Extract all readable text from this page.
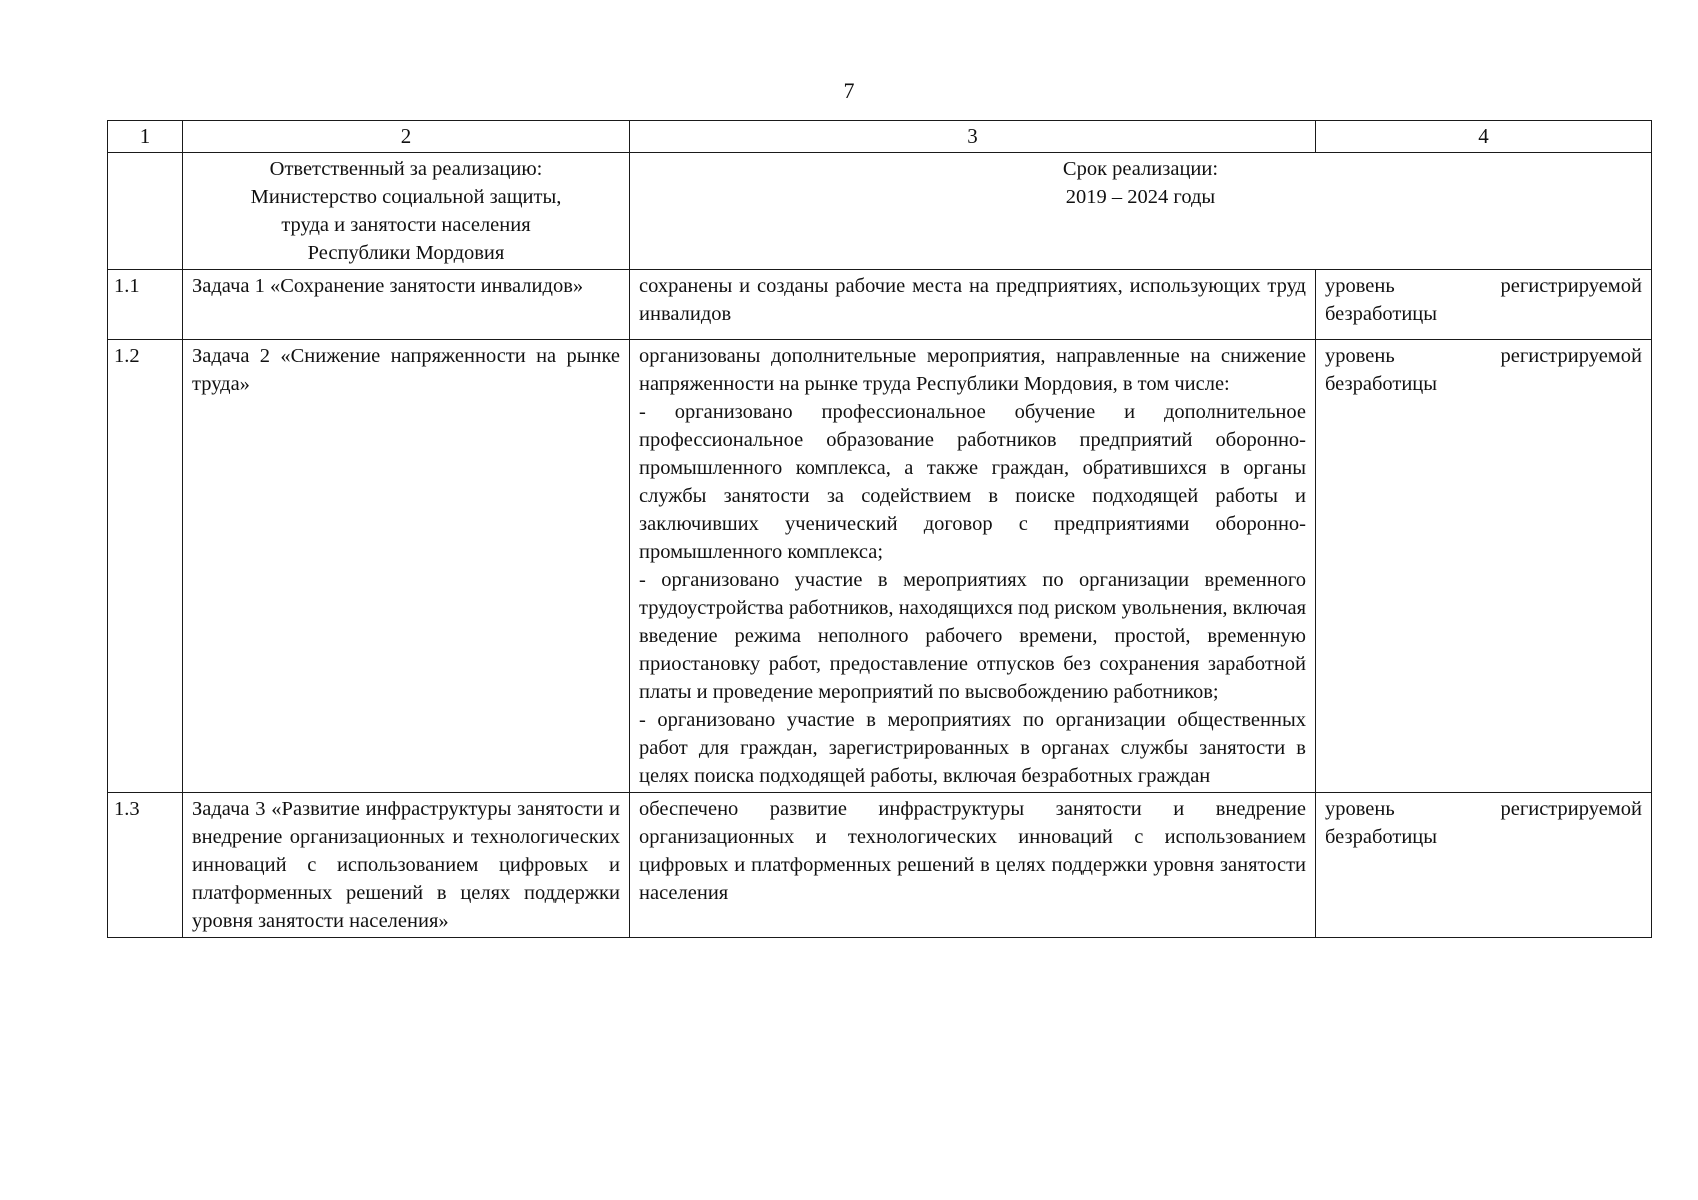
7
1	2	3	4

	Ответственный за реализацию:
Министерство социальной защиты,
труда и занятости населения
Республики Мордовия	Срок реализации:
2019 – 2024 годы	

1.1	Задача 1 «Сохранение занятости инвалидов»	сохранены и созданы рабочие места на предприятиях, использующих труд инвалидов	уровень регистрируемой безработицы
1.2	Задача 2 «Снижение напряженности на рынке труда»	организованы дополнительные мероприятия, направленные на снижение напряженности на рынке труда Республики Мордовия, в том числе:
- организовано профессиональное обучение и дополнительное профессиональное образование работников предприятий оборонно-промышленного комплекса, а также граждан, обратившихся в органы службы занятости за содействием в поиске подходящей работы и заключивших ученический договор с предприятиями оборонно-промышленного комплекса;
- организовано участие в мероприятиях по организации временного трудоустройства работников, находящихся под риском увольнения, включая введение режима неполного рабочего времени, простой, временную приостановку работ, предоставление отпусков без сохранения заработной платы и проведение мероприятий по высвобождению работников;
- организовано участие в мероприятиях по организации общественных работ для граждан, зарегистрированных в органах службы занятости в целях поиска подходящей работы, включая безработных граждан	уровень регистрируемой безработицы
1.3	Задача 3 «Развитие инфраструктуры занятости и внедрение организационных и технологических инноваций с использованием цифровых и платформенных решений в целях поддержки уровня занятости населения»	обеспечено развитие инфраструктуры занятости и внедрение организационных и технологических инноваций с использованием цифровых и платформенных решений в целях поддержки уровня занятости населения	уровень регистрируемой безработицы
